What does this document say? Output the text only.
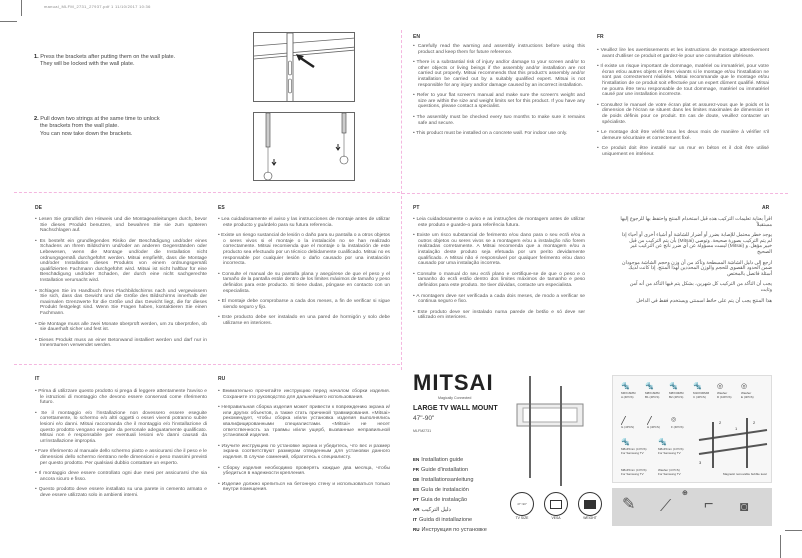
manual_MLFM_2731_27937.pdf 1 11/10/2017 10:36
1. Press the brackets after putting them on the wall plate.
They will be locked with the wall plate.
2. Pull down two strings at the same time to unlock
the brackets from the wall plate.
You can now take down the brackets.
EN
• Carefully read the warning and assembly instructions before using this product and keep them for future reference.
• There is a substantial risk of injury and/or damage to your screen and/or to other objects or living beings if the assembly and/or installation are not carried out properly. Mitsai recommends that this product's assembly and/or installation be carried out by a suitably qualified expert. Mitsai is not responsible for any injury and/or damage caused by an incorrect installation.
• Refer to your flat screen's manual and make sure the screen's weight and size are within the size and weight limits set for this product. If you have any questions, please contact a specialist.
• The assembly must be checked every two months to make sure it remains safe and secure.
• This product must be installed on a concrete wall. For indoor use only.
FR
• Veuillez lire les avertissements et les instructions de montage attentivement avant d'utiliser ce produit et gardez-le pour une consultation ultérieure.
• Il existe un risque important de dommage, matériel ou immatériel, pour votre écran et/ou autres objets et êtres vivants si le montage et/ou l'installation ne sont pas correctement réalisés. Mitsai recommande que le montage et/ou l'installation de ce produit soit effectuée par un expert dûment qualifié. Mitsai ne pourra être tenu responsable de tout dommage, matériel ou immatériel causé par une installation incorrecte.
• Consultez le manuel de votre écran plat et assurez-vous que le poids et la dimension de l'écran se situent dans les limites maximales de dimension et de poids définis pour ce produit. En cas de doute, veuillez contacter un spécialiste.
• Le montage doit être vérifié tous les deux mois de manière à vérifier s'il demeure sécuritaire et correctement fixé.
• Ce produit doit être installé sur un mur en béton et il doit être utilisé uniquement en intérieur.
DE
• Lesen Sie gründlich den Hinweis und die Montageanleitungen durch, bevor Sie dieses Produkt benutzen, und bewahren Sie sie zum späteren Nachschlagen auf.
• Es besteht ein grundlegendes Risiko der Beschädigung und/oder eines Schadens an Ihrem Bildschirm und/oder an anderen Gegenständen oder Lebewesen, wenn die Montage und/oder die Installation nicht ordnungsgemäß durchgeführt werden. Mitsai empfiehlt, dass die Montage und/oder Installation dieses Produkts von einem ordnungsgemäß qualifizierten Fachmann durchgeführt wird. Mitsai ist nicht haftbar für eine Beschädigung und/oder Schaden, der durch eine nicht sachgerechte Installation verursacht wird.
• Schlagen Sie im Handbuch Ihres Flachbildschirms nach und vergewissern Sie sich, dass das Gewicht und die Größe des Bildschirms innerhalb der maximalen Grenzwerte für die Größe und das Gewicht liegt, die für dieses Produkt festgelegt sind. Wenn Sie Fragen haben, kontaktieren Sie einen Fachmann.
• Die Montage muss alle zwei Monate überprüft werden, um zu überprüfen, ob sie dauerhaft sicher und fest ist.
• Dieses Produkt muss an einer Betonwand installiert werden und darf nur in Innenräumen verwendet werden.
ES
• Lea cuidadosamente el aviso y las instrucciones de montaje antes de utilizar este producto y guárdelo para su futura referencia.
• Existe un riesgo sustancial de lesión o daño para su pantalla o a otros objetos o seres vivos si el montaje o la instalación no se han realizado correctamente. Mitsai recomienda que el montaje o la instalación de este producto sea efectuado por un técnico debidamente cualificado. Mitsai no es responsable por cualquier lesión o daño causado por una instalación incorrecta.
• Consulte el manual de su pantalla plana y asegúrese de que el peso y el tamaño de la pantalla están dentro de los límites máximos de tamaño y peso definidos para este producto. Si tiene dudas, póngase en contacto con un especialista.
• El montaje debe comprobarse a cada dos meses, a fin de verificar si sigue siendo seguro y fijo.
• Este producto debe ser instalado en una pared de hormigón y solo debe utilizarse en interiores.
PT
• Leia cuidadosamente o aviso e as instruções de montagem antes de utilizar este produto e guarde-o para referência futura.
• Existe um risco substancial de ferimento e/ou dano para o seu ecrã e/ou a outros objetos ou seres vivos se a montagem e/ou a instalação não forem realizadas corretamente. A Mitsai recomenda que a montagem e/ou a instalação deste produto seja efetuada por um perito devidamente qualificado. A Mitsai não é responsável por qualquer ferimento e/ou dano causado por uma instalação incorreta.
• Consulte o manual do seu ecrã plano e certifique-se de que o peso e o tamanho do ecrã estão dentro dos limites máximos de tamanho e peso definidos para este produto. Se tiver dúvidas, contacte um especialista.
• A montagem deve ser verificada a cada dois meses, de modo a verificar se continua seguro e fixo.
• Este produto deve ser instalado numa parede de betão e só deve ser utilizado em interiores.
AR
اقرأ بعناية تعليمات التركيب هذه قبل استخدام المنتج واحتفظ بها للرجوع إليها مستقبلاً
يوجد خطر محتمل للإصابة بضرر أو أضرار للشاشة أو أشياء أخرى أو أحياء إذا لم يتم التركيب بصورة صحيحة. وتوصي (Mitsai) بأن يتم التركيب من قبل خبير مؤهل. و (Mitsai) ليست مسؤولة عن أي ضرر ناتج عن التركيب غير الصحيح
ارجع إلى دليل الشاشة المسطحة وتأكد من أن وزن وحجم الشاشة موجودان ضمن الحدود القصوى للحجم والوزن المحددين لهذا المنتج. إذا كانت لديك أسئلة فاتصل بالمختص
يجب أن التأكد من التركيب كل شهرين، بشكل يتم فيها التأكد من أنه آمن وثابت
هذا المنتج يجب أن يتم على حائط اسمنتي ويستخدم فقط في الداخل
IT
• Prima di utilizzare questo prodotto si prega di leggere attentamente l'avviso e le istruzioni di montaggio che devono essere conservati come riferimento futuro.
• Se il montaggio e/o l'installazione non dovessero essere eseguite correttamente, lo schermo e/o altri oggetti o esseri viventi potranno subire lesioni e/o danni. Mitsai raccomanda che il montaggio e/o l'installazione di questo prodotto vengano eseguite da personale adeguatamente qualificato. Mitsai non è responsabile per eventuali lesioni e/o danni causati da un'installazione impropria.
• Fare riferimento al manuale dello schermo piatto e assicurarsi che il peso e le dimensioni dello schermo rientrano nelle dimensioni e peso massimi previsti per questo prodotto. Per qualsiasi dubbio contattare un esperto.
• Il montaggio deve essere controllato ogni due mesi per assicurarsi che sia ancora sicuro e fisso.
• Questo prodotto deve essere installato su una parete in cemento armato e deve essere utilizzato solo in ambienti interni.
RU
• Внимательно прочитайте инструкцию перед началом сборки изделия. Сохраните это руководство для дальнейшего использования.
• Неправильная сборка изделия может привести к повреждению экрана и/или других объектов, а также стать причиной травмирования. «Mitsai» рекомендует, чтобы сборка и/или установка изделия выполнялись квалифицированными специалистами. «Mitsai» не несет ответственность за травмы и/или ущерб, вызванные неправильной установкой изделия.
• Изучите инструкцию по установке экрана и убедитесь, что вес и размер экрана соответствуют размерам отведенным для установки данного изделия. В случае сомнений, обратитесь к специалисту.
• Сборку изделия необходимо проверять каждые два месяца, чтобы убедиться в надежности крепления.
• Изделие должно крепиться на бетонную стену и использоваться только внутри помещения.
MITSAI
Magically Connected
LARGE TV WALL MOUNT
47"-90"
MLFM2731
EN Installation guide
FR Guide d'installation
DE Installationsanleitung
ES Guía de instalación
PT Guia de instalação
AR دليل التركيب
IT Guida di installazione
RU Инструкция по установке
47"-90"
TV SIZE	VESA	WEIGHT
🔩
M6X16MM
A (4PCS)
🔩
M8X16MM
B1 (4PCS)
🔩
M8X30MM
B2 (4PCS)
🔩
M10X30MM
C (4PCS)
◎
Washer
D (10PCS)
◎
Washer
E (4PCS)
╱
G (4PCS)
╱
H (4PCS)
◎
F (4PCS)
🔩
M8x45mm (4 PCS)
For Samsung TV
🔩
M8x45mm (4 PCS)
For Samsung TV
M8x45mm (4 PCS)
For Samsung TV
Washer (4 PCS)
For Samsung TV
2	2
1
3
Magnetic removable bubble level
✎ ⟋
⊕
⌐ ◙
